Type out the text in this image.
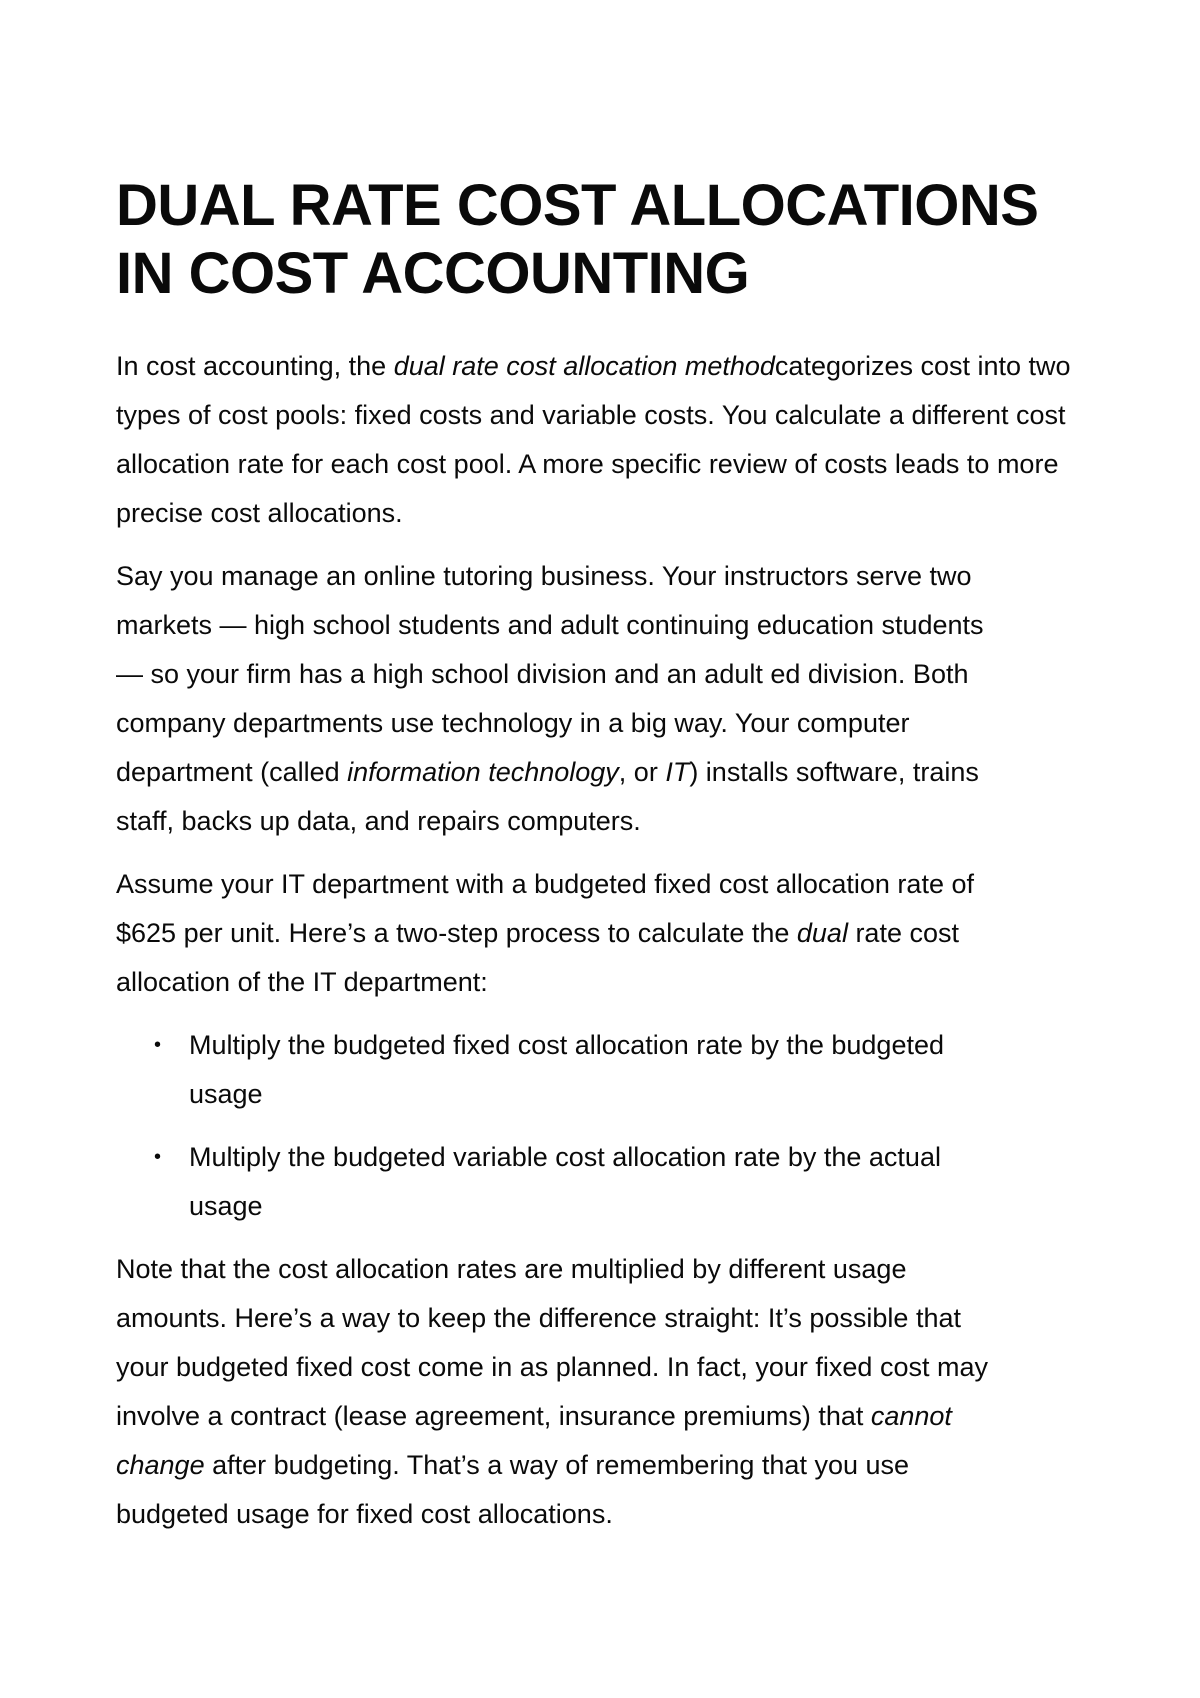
DUAL RATE COST ALLOCATIONS
IN COST ACCOUNTING

In cost accounting, the dual rate cost allocation methodcategorizes cost into two types of cost pools: fixed costs and variable costs. You calculate a different cost allocation rate for each cost pool. A more specific review of costs leads to more precise cost allocations.

Say you manage an online tutoring business. Your instructors serve two markets — high school students and adult continuing education students — so your firm has a high school division and an adult ed division. Both company departments use technology in a big way. Your computer department (called information technology, or IT) installs software, trains staff, backs up data, and repairs computers.

Assume your IT department with a budgeted fixed cost allocation rate of $625 per unit. Here’s a two-step process to calculate the dual rate cost allocation of the IT department:

• Multiply the budgeted fixed cost allocation rate by the budgeted usage
• Multiply the budgeted variable cost allocation rate by the actual usage

Note that the cost allocation rates are multiplied by different usage amounts. Here’s a way to keep the difference straight: It’s possible that your budgeted fixed cost come in as planned. In fact, your fixed cost may involve a contract (lease agreement, insurance premiums) that cannot change after budgeting. That’s a way of remembering that you use budgeted usage for fixed cost allocations.
